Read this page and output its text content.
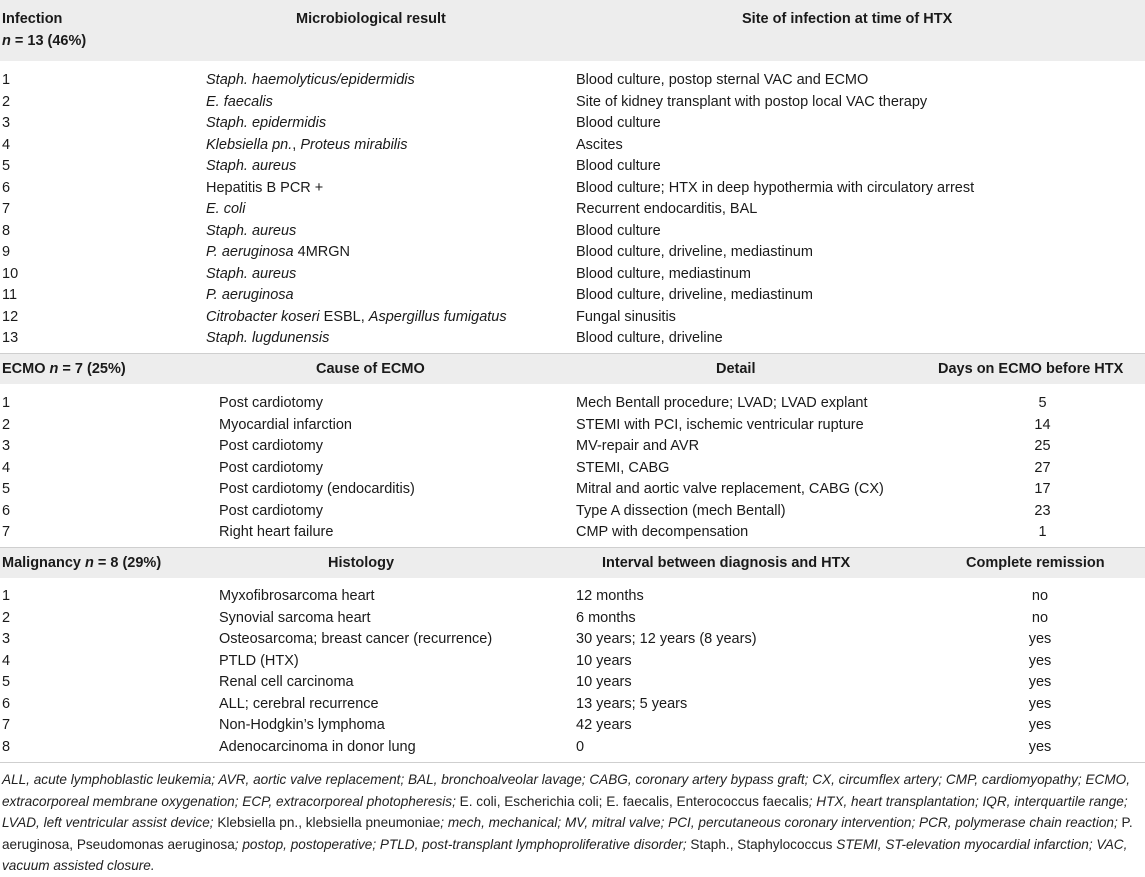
Infection
n = 13 (46%)
Microbiological result	Site of infection at time of HTX
1	Staph. haemolyticus/epidermidis	Blood culture, postop sternal VAC and ECMO
2	E. faecalis	Site of kidney transplant with postop local VAC therapy
3	Staph. epidermidis	Blood culture
4	Klebsiella pn., Proteus mirabilis	Ascites
5	Staph. aureus	Blood culture
6	Hepatitis B PCR +	Blood culture; HTX in deep hypothermia with circulatory arrest
7	E. coli	Recurrent endocarditis, BAL
8	Staph. aureus	Blood culture
9	P. aeruginosa 4MRGN	Blood culture, driveline, mediastinum
10	Staph. aureus	Blood culture, mediastinum
11	P. aeruginosa	Blood culture, driveline, mediastinum
12	Citrobacter koseri ESBL, Aspergillus fumigatus	Fungal sinusitis
13	Staph. lugdunensis	Blood culture, driveline
ECMO n = 7 (25%)	Cause of ECMO	Detail	Days on ECMO before HTX
1	Post cardiotomy	Mech Bentall procedure; LVAD; LVAD explant	5
2	Myocardial infarction	STEMI with PCI, ischemic ventricular rupture	14
3	Post cardiotomy	MV-repair and AVR	25
4	Post cardiotomy	STEMI, CABG	27
5	Post cardiotomy (endocarditis)	Mitral and aortic valve replacement, CABG (CX)	17
6	Post cardiotomy	Type A dissection (mech Bentall)	23
7	Right heart failure	CMP with decompensation	1
Malignancy n = 8 (29%)	Histology	Interval between diagnosis and HTX	Complete remission
1	Myxofibrosarcoma heart	12 months	no
2	Synovial sarcoma heart	6 months	no
3	Osteosarcoma; breast cancer (recurrence)	30 years; 12 years (8 years)	yes
4	PTLD (HTX)	10 years	yes
5	Renal cell carcinoma	10 years	yes
6	ALL; cerebral recurrence	13 years; 5 years	yes
7	Non-Hodgkin’s lymphoma	42 years	yes
8	Adenocarcinoma in donor lung	0	yes
ALL, acute lymphoblastic leukemia; AVR, aortic valve replacement; BAL, bronchoalveolar lavage; CABG, coronary artery bypass graft; CX, circumflex artery; CMP, cardiomyopathy; ECMO, extracorporeal membrane oxygenation; ECP, extracorporeal photopheresis; E. coli, Escherichia coli; E. faecalis, Enterococcus faecalis; HTX, heart transplantation; IQR, interquartile range; LVAD, left ventricular assist device; Klebsiella pn., klebsiella pneumoniae; mech, mechanical; MV, mitral valve; PCI, percutaneous coronary intervention; PCR, polymerase chain reaction; P. aeruginosa, Pseudomonas aeruginosa; postop, postoperative; PTLD, post-transplant lymphoproliferative disorder; Staph., Staphylococcus STEMI, ST-elevation myocardial infarction; VAC, vacuum assisted closure.
